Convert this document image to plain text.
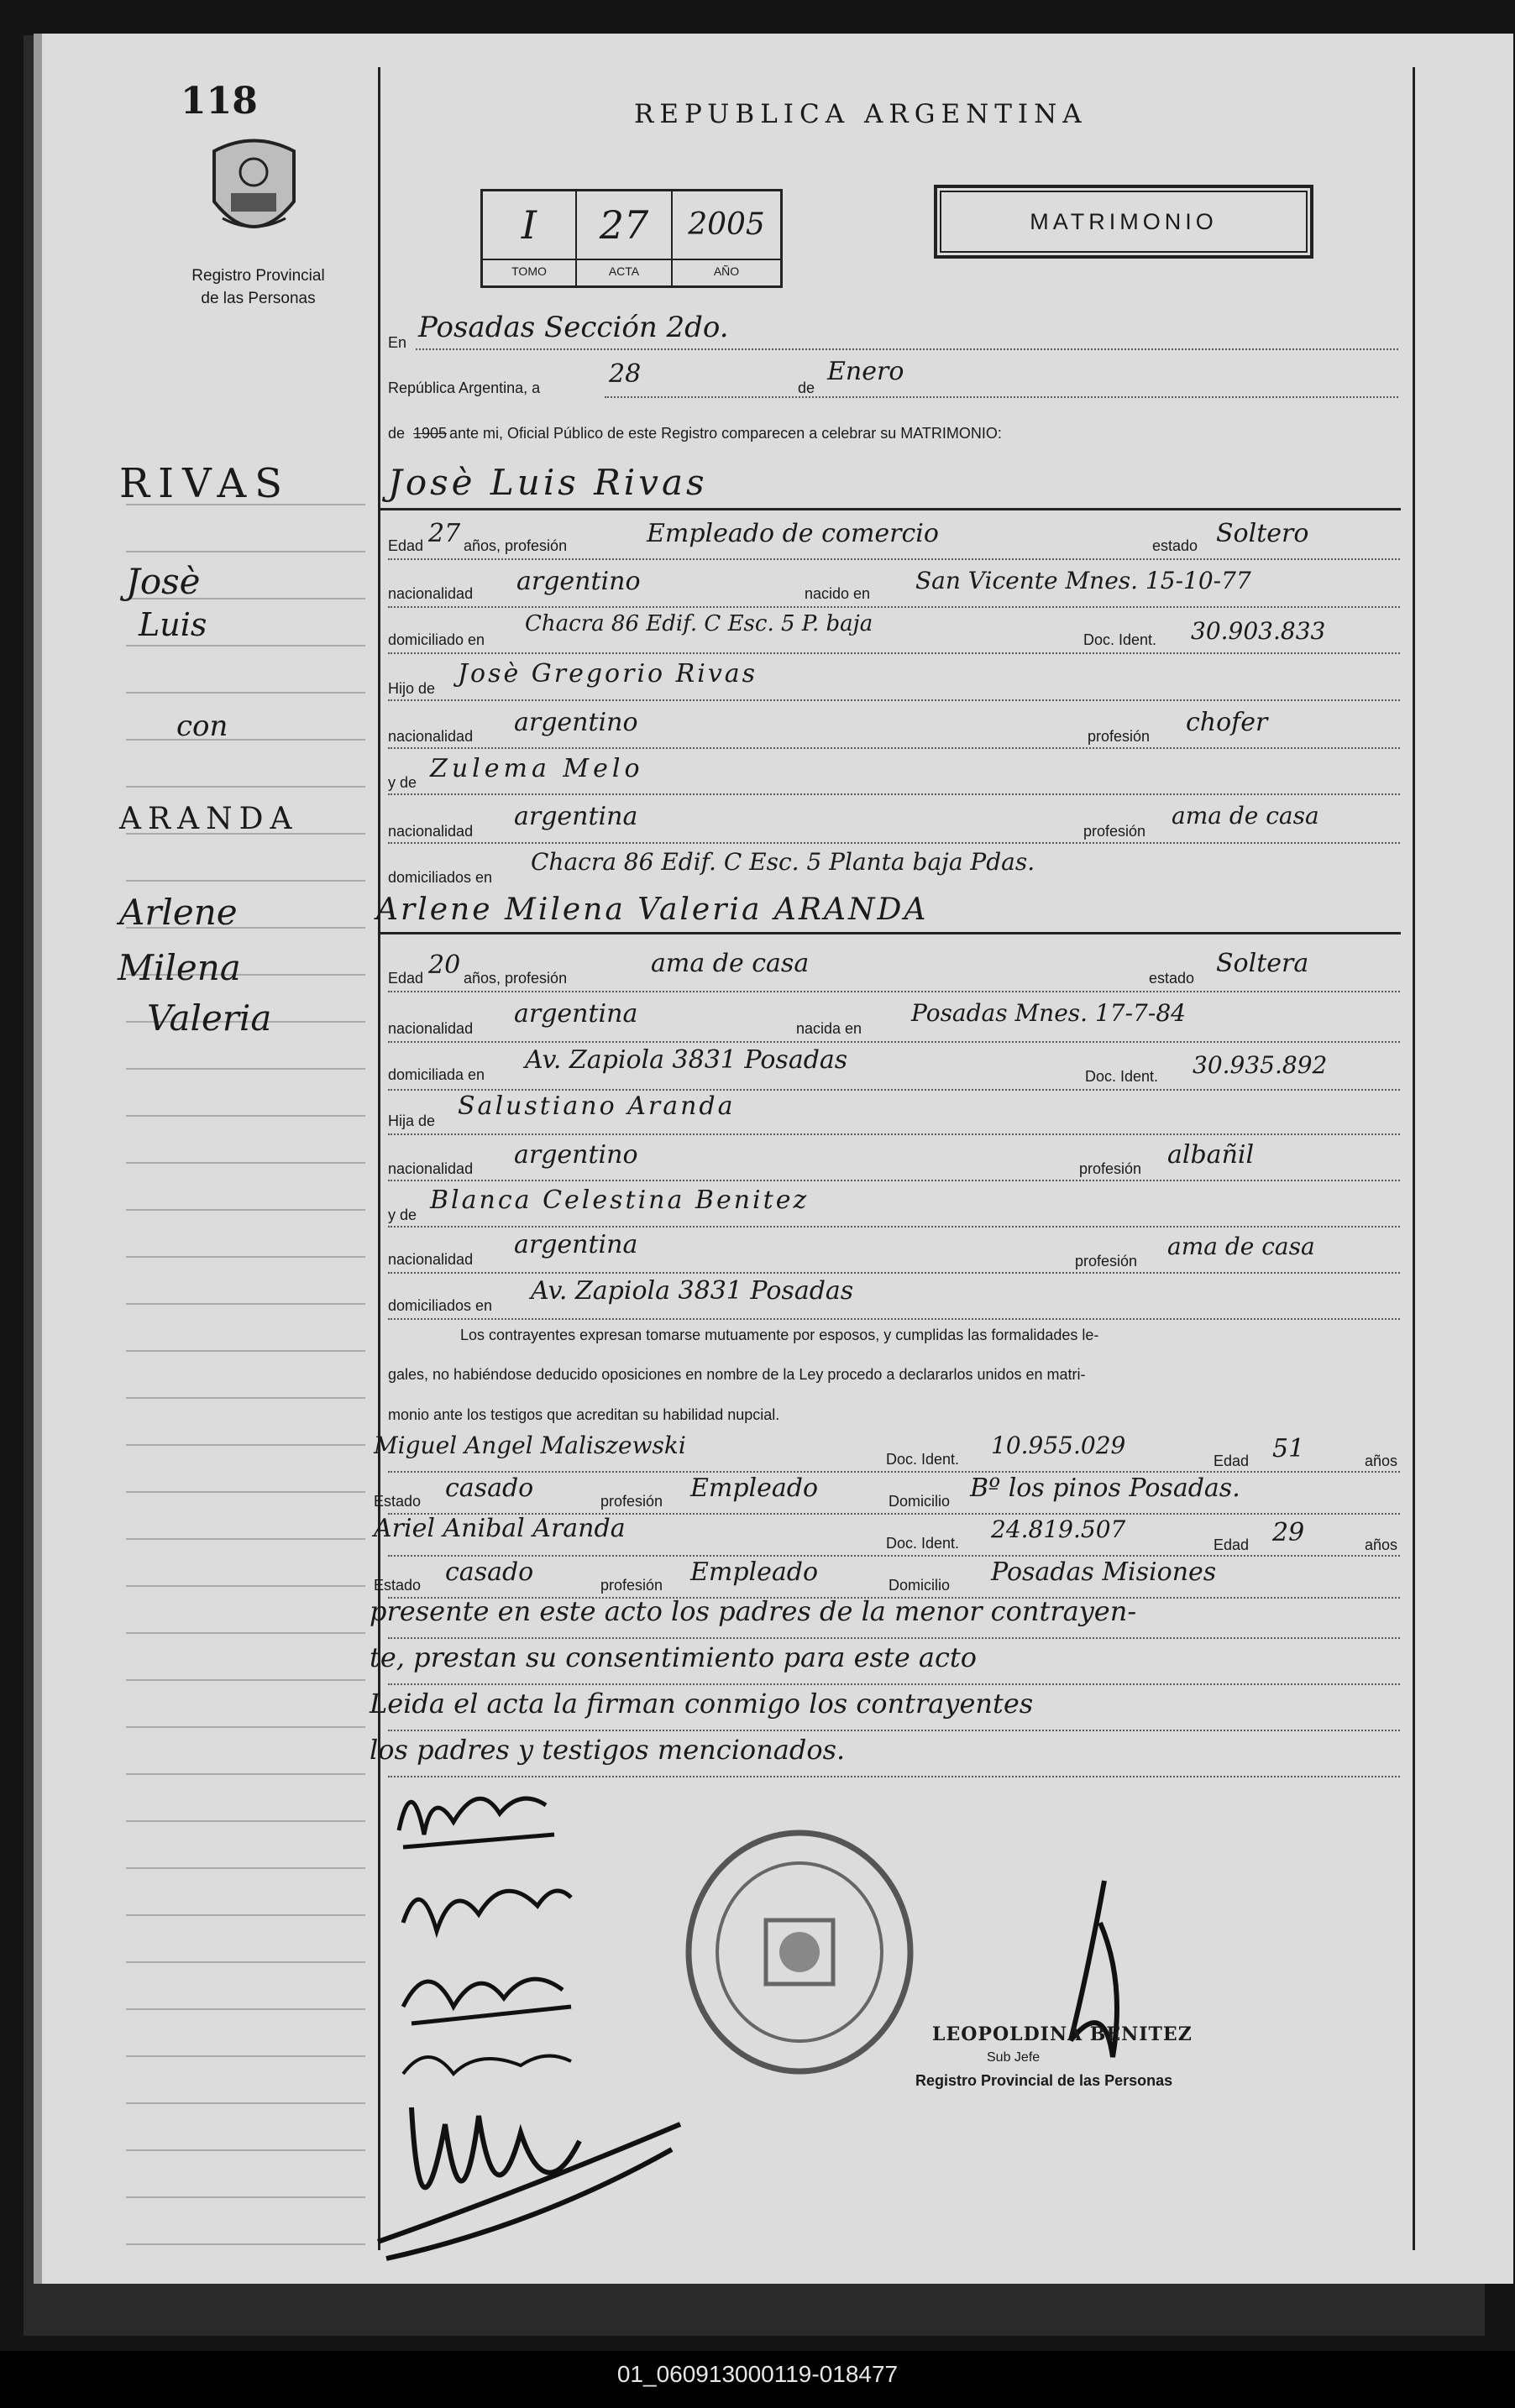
118
Registro Provincial
de las Personas
REPUBLICA ARGENTINA
I
TOMO
27
ACTA
2005
AÑO
MATRIMONIO
En Posadas Sección 2do.
República Argentina, a	28	de
Enero
de 1905 ante mi, Oficial Público de este Registro comparecen a celebrar su MATRIMONIO:
RIVAS
Josè
Luis
con
ARANDA
Arlene
Milena
Valeria
Josè Luis Rivas
Edad 27 años, profesión	Empleado de comercio	estado Soltero
nacionalidad argentino	nacido en San Vicente Mnes. 15-10-77
domiciliado en
Chacra 86 Edif. C Esc. 5 P. baja
Doc. Ident. 30.903.833
Hijo de Josè Gregorio Rivas
nacionalidad argentino	profesión chofer
y de Zulema Melo
nacionalidad argentina	profesión
ama de casa
domiciliados en
Chacra 86 Edif. C Esc. 5 Planta baja Pdas.
Arlene Milena Valeria ARANDA
Edad 20 años, profesión	ama de casa	estado Soltera
nacionalidad argentina	nacida en
Posadas Mnes. 17-7-84
domiciliada en Av. Zapiola 3831 Posadas
Doc. Ident. 30.935.892
Hija de Salustiano Aranda
nacionalidad argentino	profesión albañil
y de Blanca Celestina Benitez
nacionalidad argentina
profesión
ama de casa
domiciliados en Av. Zapiola 3831 Posadas
Los contrayentes expresan tomarse mutuamente por esposos, y cumplidas las formalidades le-
gales, no habiéndose deducido oposiciones en nombre de la Ley procedo a declararlos unidos en matri-
monio ante los testigos que acreditan su habilidad nupcial.
Miguel Angel Maliszewski	Doc. Ident. 10.955.029
Edad 51	años
Estado casado	profesión Empleado	Domicilio Bº los pinos Posadas.
Ariel Anibal Aranda	Doc. Ident. 24.819.507
Edad 29	años
Estado casado	profesión Empleado	Domicilio Posadas Misiones
presente en este acto los padres de la menor contrayen-
te, prestan su consentimiento para este acto
Leida el acta la firman conmigo los contrayentes
los padres y testigos mencionados.
LEOPOLDINA BENITEZ
Sub Jefe
Registro Provincial de las Personas
01_060913000119-018477
